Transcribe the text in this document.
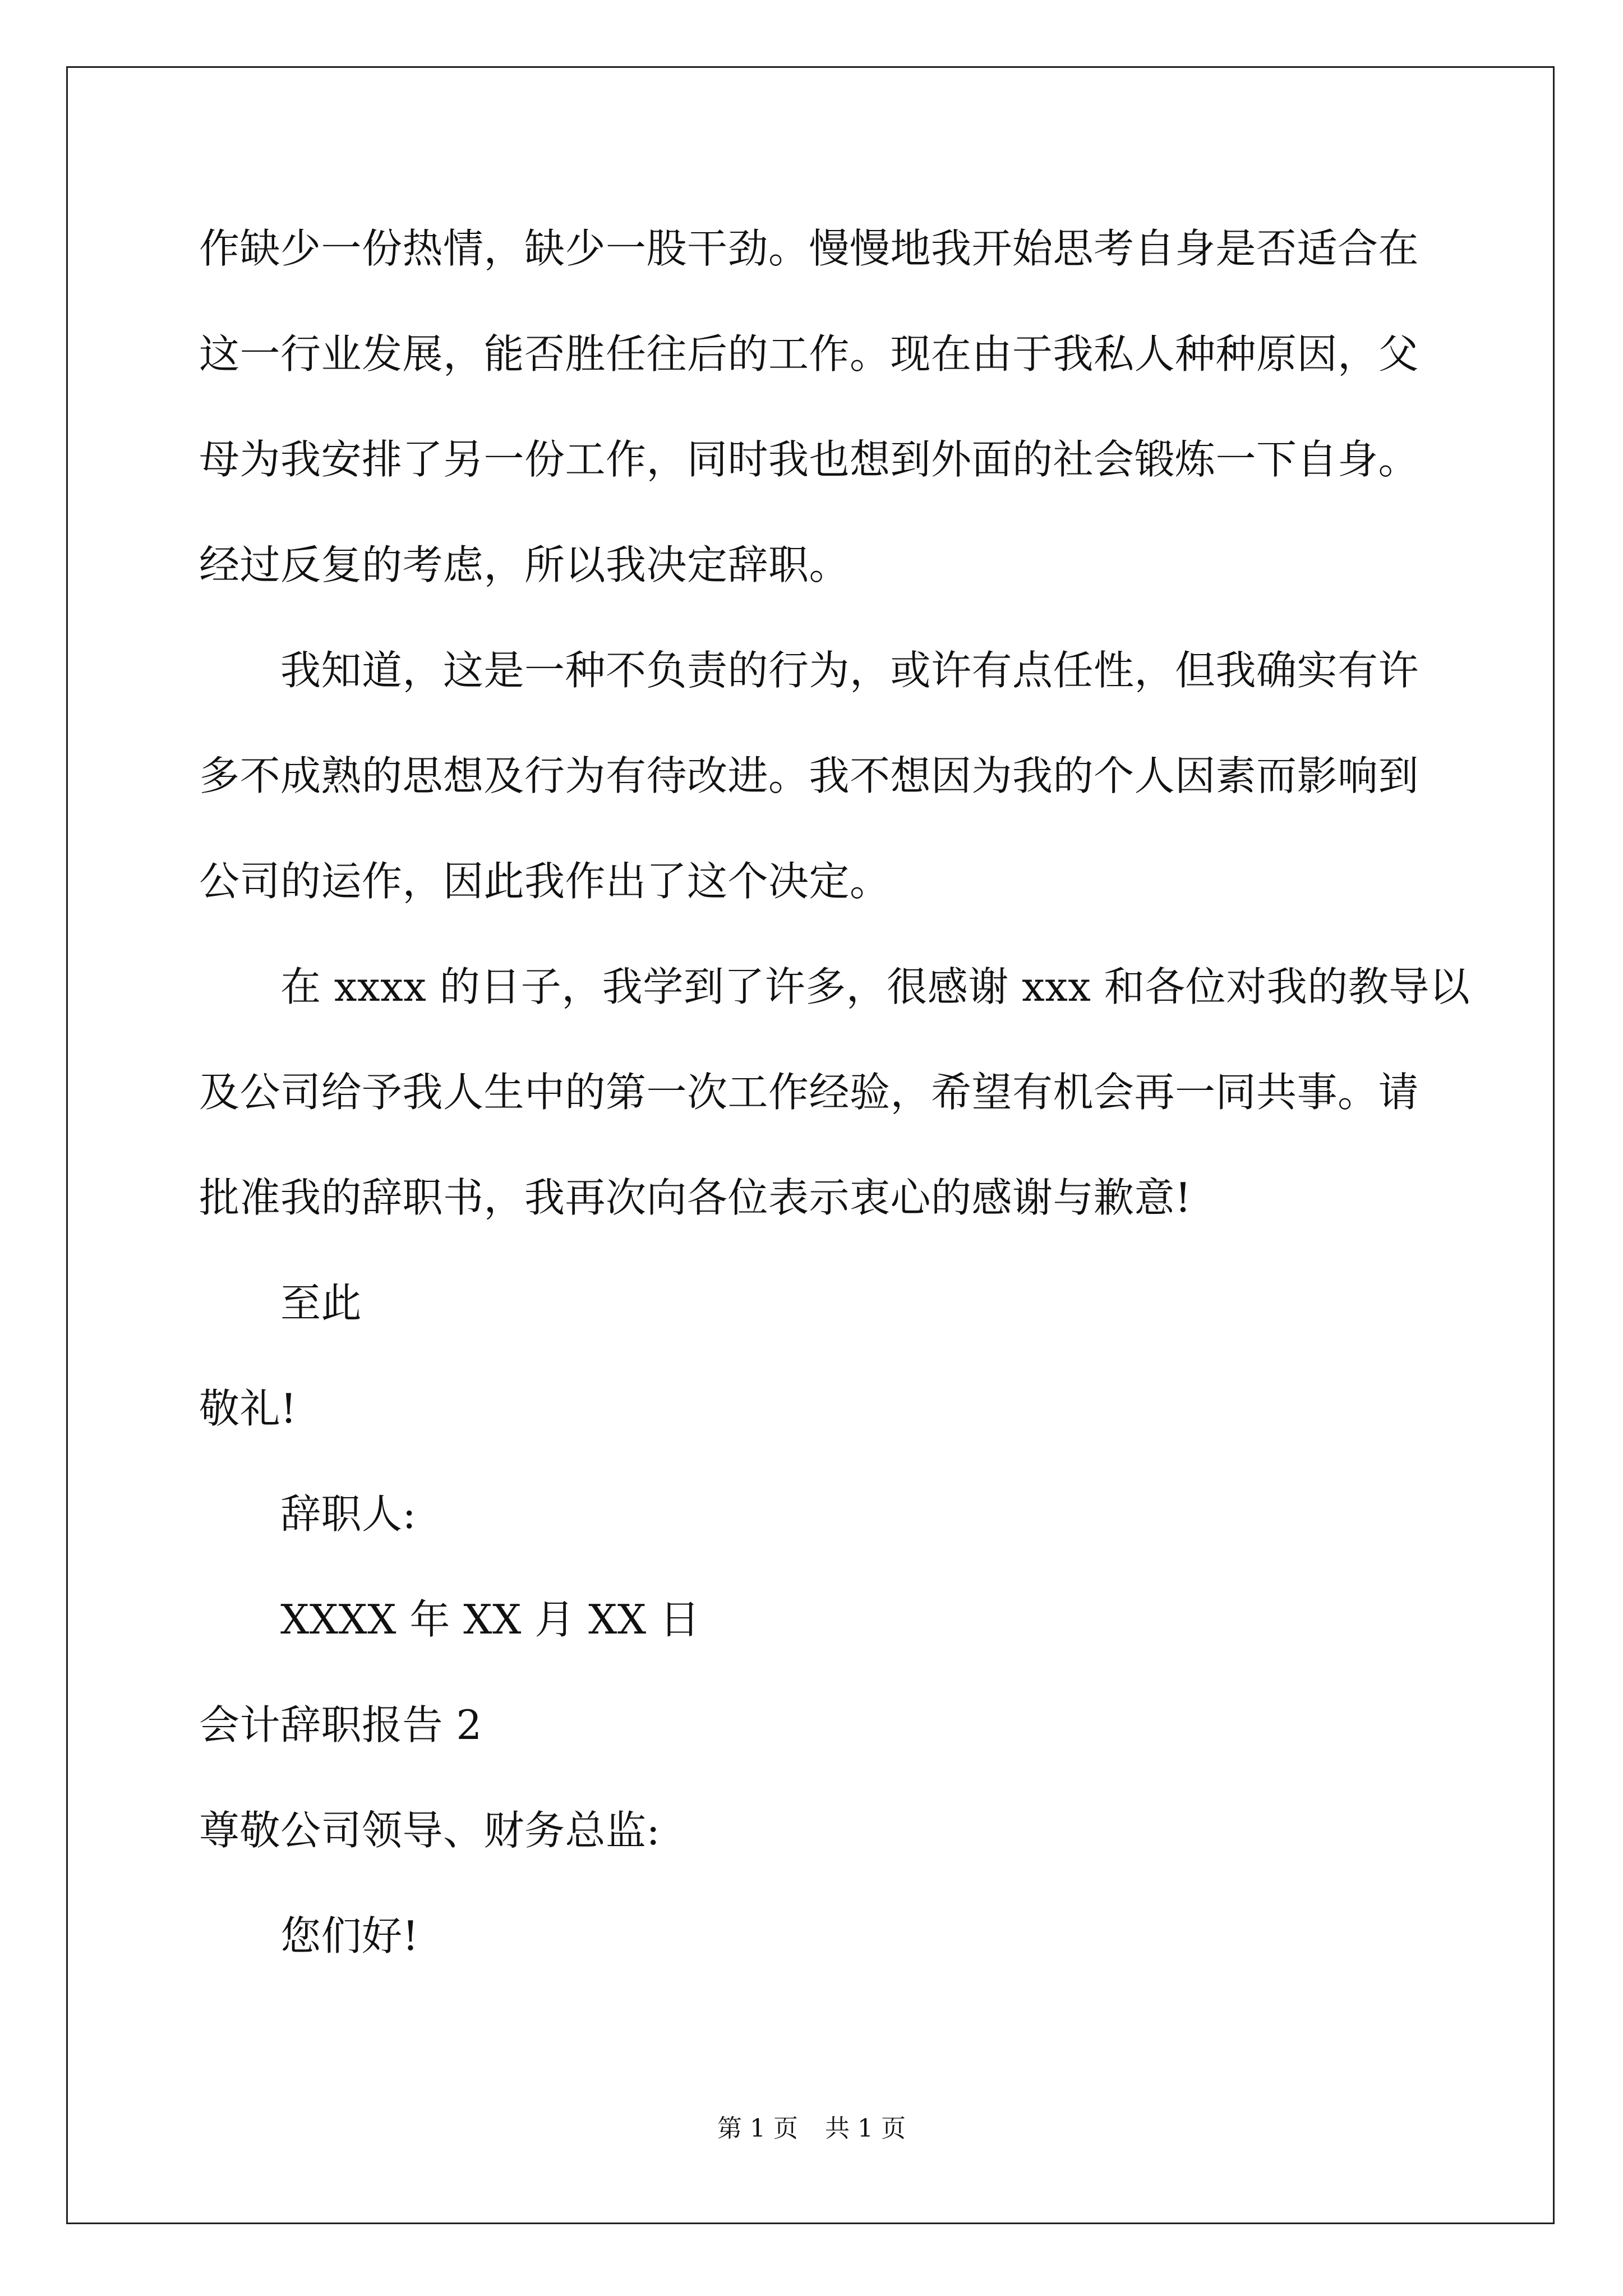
作缺少一份热情，缺少一股干劲。慢慢地我开始思考自身是否适合在
这一行业发展，能否胜任往后的工作。现在由于我私人种种原因，父
母为我安排了另一份工作，同时我也想到外面的社会锻炼一下自身。
经过反复的考虑，所以我决定辞职。
我知道，这是一种不负责的行为，或许有点任性，但我确实有许
多不成熟的思想及行为有待改进。我不想因为我的个人因素而影响到
公司的运作，因此我作出了这个决定。
在 xxxx 的日子，我学到了许多，很感谢 xxx 和各位对我的教导以
及公司给予我人生中的第一次工作经验，希望有机会再一同共事。请
批准我的辞职书，我再次向各位表示衷心的感谢与歉意!
至此
敬礼!
辞职人:
XXXX 年 XX 月 XX 日
会计辞职报告 2
尊敬公司领导、财务总监:
您们好!
第 1 页 共 1 页
